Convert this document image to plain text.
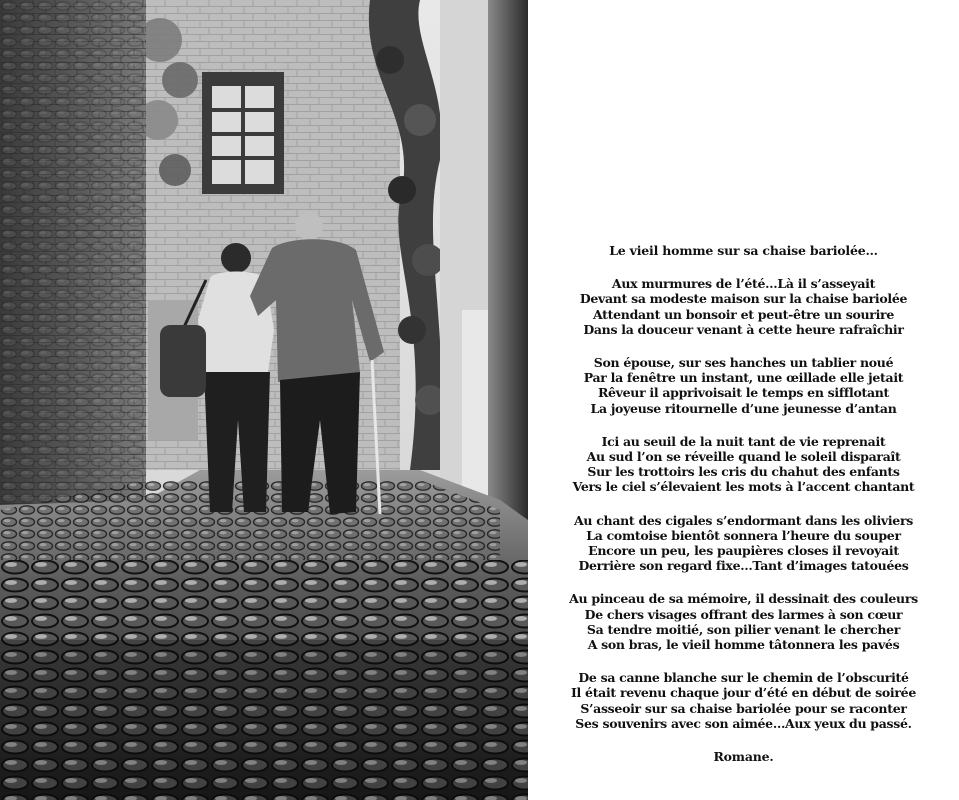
Le vieil homme sur sa chaise bariolée…
Aux murmures de l’été…Là il s’asseyait
Devant sa modeste maison sur la chaise bariolée
Attendant un bonsoir et peut-être un sourire
Dans la douceur venant à cette heure rafraîchir
Son épouse, sur ses hanches un tablier noué
Par la fenêtre un instant, une œillade elle jetait
Rêveur il apprivoisait le temps en sifflotant
La joyeuse ritournelle d’une jeunesse d’antan
Ici au seuil de la nuit tant de vie reprenait
Au sud l’on se réveille quand le soleil disparaît
Sur les trottoirs les cris du chahut des enfants
Vers le ciel s’élevaient les mots à l’accent chantant
Au chant des cigales s’endormant dans les oliviers
La comtoise bientôt sonnera l’heure du souper
Encore un peu, les paupières closes il revoyait
Derrière son regard fixe…Tant d’images tatouées
Au pinceau de sa mémoire, il dessinait des couleurs
De chers visages offrant des larmes à son cœur
Sa tendre moitié, son pilier venant le chercher
A son bras, le vieil homme tâtonnera les pavés
De sa canne blanche sur le chemin de l’obscurité
Il était revenu chaque jour d’été en début de soirée
S’asseoir sur sa chaise bariolée pour se raconter
Ses souvenirs avec son aimée…Aux yeux du passé.
Romane.
